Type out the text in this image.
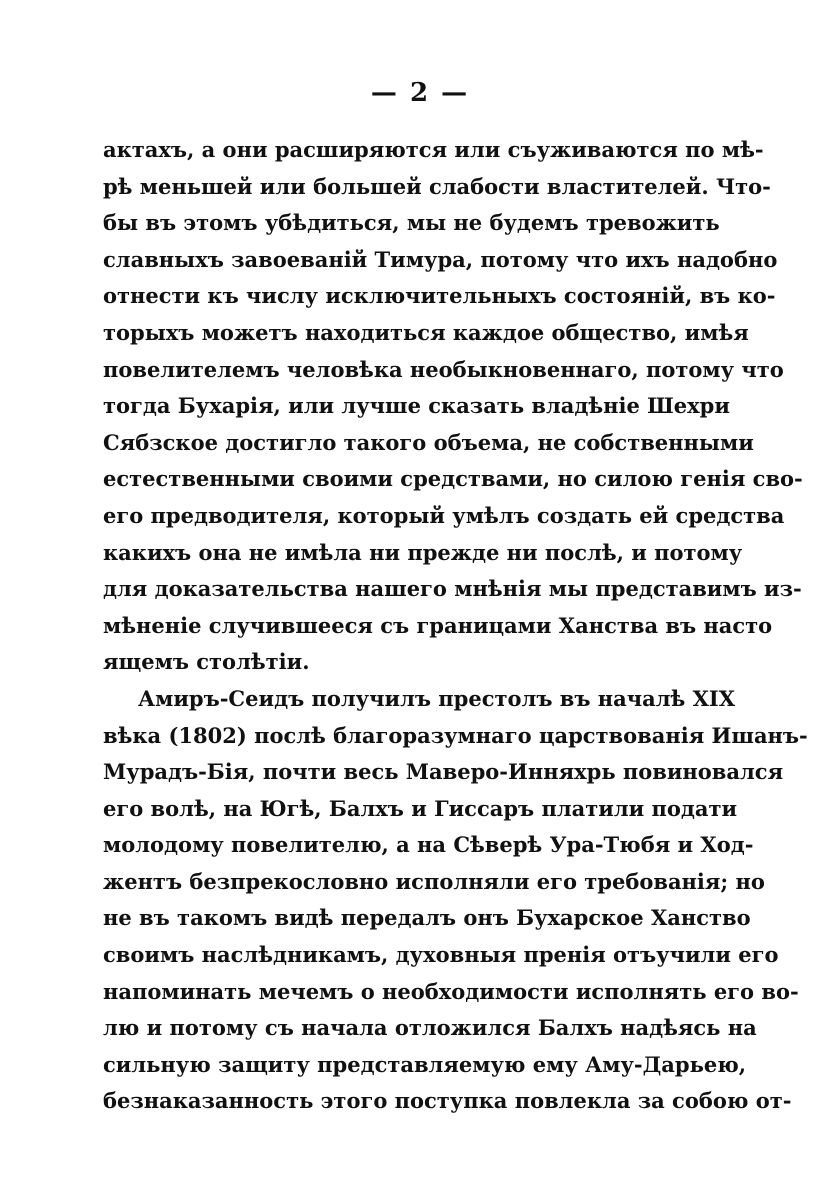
— 2 —
актахъ, а они расширяются или съуживаются по мѣ-
рѣ меньшей или большей слабости властителей. Что-
бы въ этомъ убѣдиться, мы не будемъ тревожить
славныхъ завоеваній Тимура, потому что ихъ надобно
отнести къ числу исключительныхъ состояній, въ ко-
торыхъ можетъ находиться каждое общество, имѣя
повелителемъ человѣка необыкновеннаго, потому что
тогда Бухарія, или лучше сказать владѣніе Шехри
Сябзское достигло такого объема, не собственными
естественными своими средствами, но силою генія сво-
его предводителя, который умѣлъ создать ей средства
какихъ она не имѣла ни прежде ни послѣ, и потому
для доказательства нашего мнѣнія мы представимъ из-
мѣненіе случившееся съ границами Ханства въ насто
ящемъ столѣтіи.
Амиръ-Сеидъ получилъ престолъ въ началѣ XIX
вѣка (1802) послѣ благоразумнаго царствованія Ишанъ-
Мурадъ-Бія, почти весь Маверо-Инняхрь повиновался
его волѣ, на Югѣ, Балхъ и Гиссаръ платили подати
молодому повелителю, а на Сѣверѣ Ура-Тюбя и Ход-
жентъ безпрекословно исполняли его требованія; но
не въ такомъ видѣ передалъ онъ Бухарское Ханство
своимъ наслѣдникамъ, духовныя пренія отъучили его
напоминать мечемъ о необходимости исполнять его во-
лю и потому съ начала отложился Балхъ надѣясь на
сильную защиту представляемую ему Аму-Дарьею,
безнаказанность этого поступка повлекла за собою от-
